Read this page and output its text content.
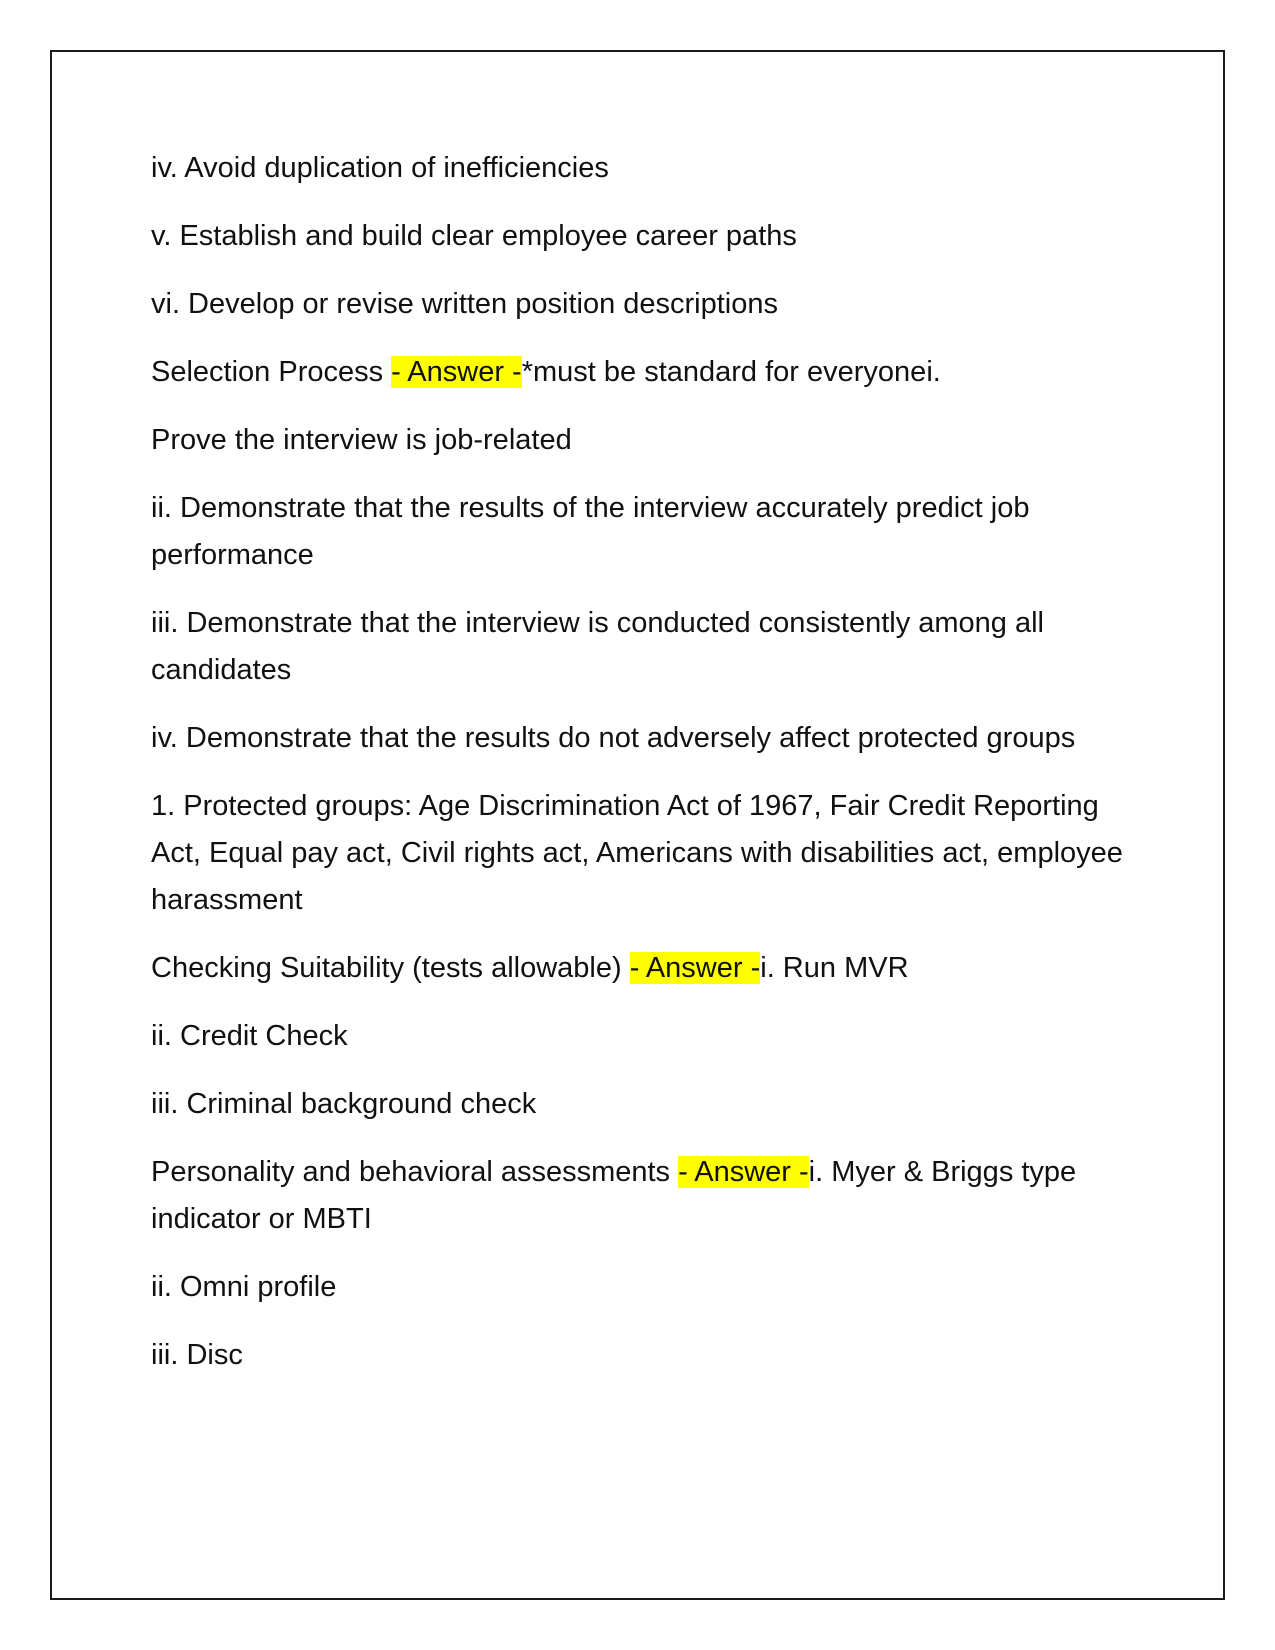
iv. Avoid duplication of inefficiencies

v. Establish and build clear employee career paths

vi. Develop or revise written position descriptions

Selection Process - Answer -*must be standard for everyonei.

Prove the interview is job-related

ii. Demonstrate that the results of the interview accurately predict job performance

iii. Demonstrate that the interview is conducted consistently among all candidates

iv. Demonstrate that the results do not adversely affect protected groups

1. Protected groups: Age Discrimination Act of 1967, Fair Credit Reporting Act, Equal pay act, Civil rights act, Americans with disabilities act, employee harassment

Checking Suitability (tests allowable) - Answer -i. Run MVR

ii. Credit Check

iii. Criminal background check

Personality and behavioral assessments - Answer -i. Myer & Briggs type indicator or MBTI

ii. Omni profile

iii. Disc
